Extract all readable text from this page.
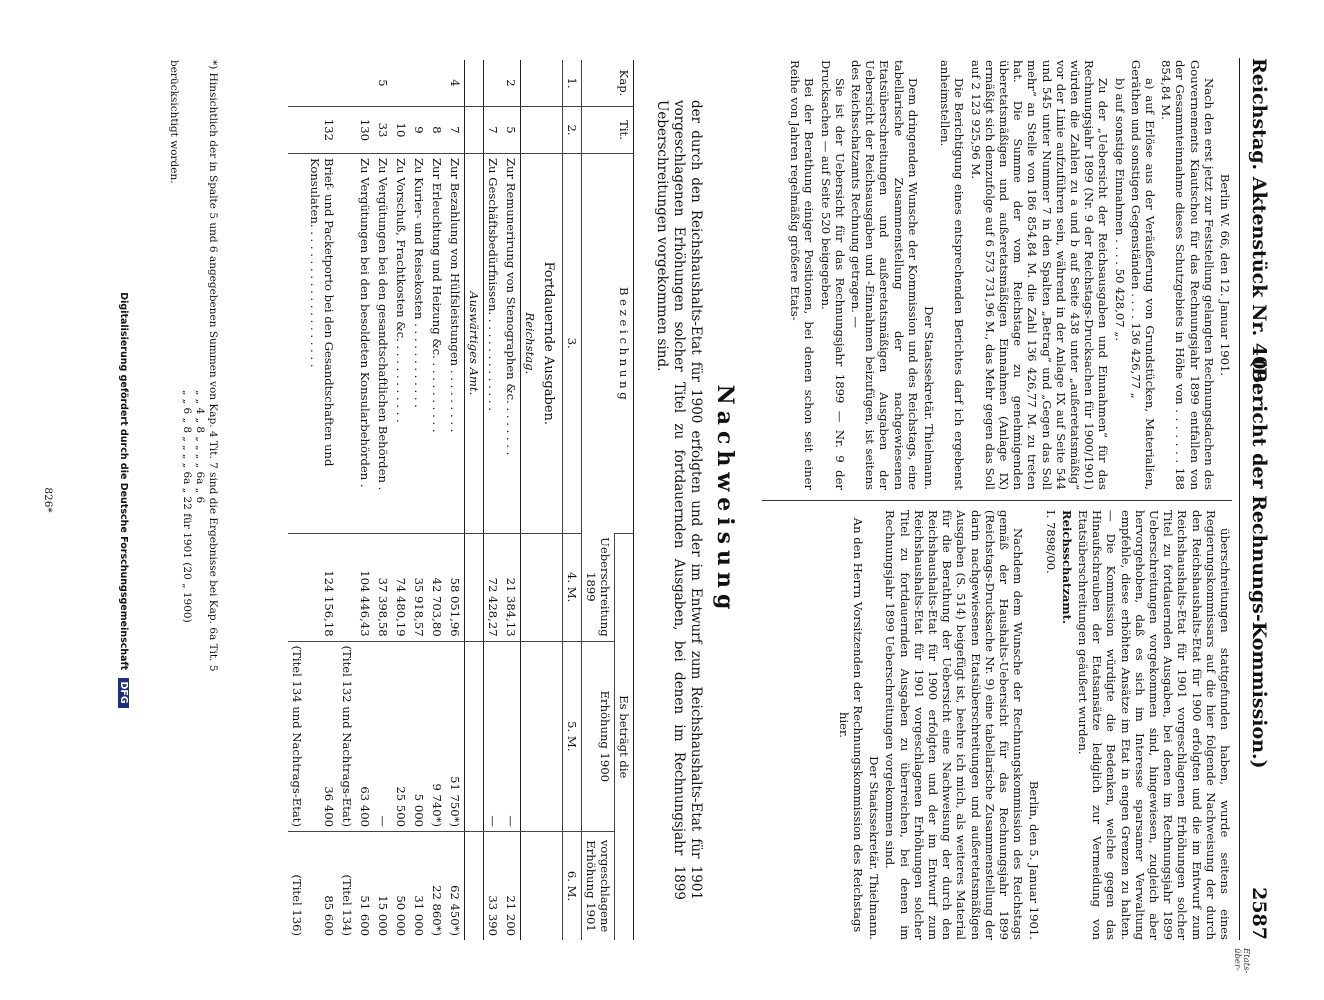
Reichstag. Aktenstück Nr. 409.
(Bericht der Rechnungs-Kommission.)
2587

Berlin W. 66, den 12. Januar 1901.

Nach den erst jetzt zur Feststellung gelangten Rechnungsdachen des Gouvernements Kiautschou für das Rechnungsjahr 1899 entfallen von der Gesammteinnahme dieses Schutzgebiets in Höhe von . . . . . . . 188 854,84 M.

a) auf Erlöse aus der Veräußerung von Grundstücken, Materialien, Geräthen und sonstigen Gegenständen . . . . 136 426,77 „

b) auf sonstige Einnahmen . . . . 50 428,07 „.

Zu der „Uebersicht der Reichsausgaben und Einnahmen“ für das Rechnungsjahr 1899 (Nr. 9 der Reichstags-Drucksachen für 1900/1901) würden die Zahlen zu a und b auf Seite 438 unter „außeretatsmäßig“ vor der Linie aufzuführen sein, während in der Anlage IX auf Seite 544 und 545 unter Nummer 7 in den Spalten „Betrag“ und „Gegen das Soll mehr“ an Stelle von 186 854,84 M. die Zahl 136 426,77 M. zu treten hat. Die Summe der vom Reichstage zu genehmigenden überetatsmäßigen und außeretatsmäßigen Einnahmen (Anlage IX) ermäßigt sich demzufolge auf 6 573 731,96 M., das Mehr gegen das Soll auf 2 123 925,96 M.

Die Berichtigung eines entsprechenden Berichtes darf ich ergebenst anheimstellen.

Der Staatssekretär. Thielmann.

Dem dringenden Wunsche der Kommission und des Reichstags, eine tabellarische Zusammenstellung der nachgewiesenen Etatsüberschreitungen und außeretatsmäßigen Ausgaben der Uebersicht der Reichsausgaben und -Einnahmen beizufügen, ist seitens des Reichsschatzamts Rechnung getragen. —

Sie ist der Uebersicht für das Rechnungsjahr 1899 — Nr. 9 der Drucksachen — auf Seite 520 beigegeben.

Bei der Berathung einiger Positionen, bei denen schon seit einer Reihe von Jahren regelmäßig größere Etats-

überschreitungen stattgefunden haben, wurde seitens eines Regierungskommissars auf die hier folgende Nachweisung der durch den Reichshaushalts-Etat für 1900 erfolgten und die im Entwurf zum Reichshaushalts-Etat für 1901 vorgeschlagenen Erhöhungen solcher Titel zu fortdauernden Ausgaben, bei denen im Rechnungsjahr 1899 Ueberschreitungen vorgekommen sind, hingewiesen, zugleich aber hervorgehoben, daß es sich im Interesse sparsamer Verwaltung empfehle, diese erhöhten Ansätze im Etat in engen Grenzen zu halten. — Die Kommission würdigte die Bedenken, welche gegen das Hinaufschrauben der Etatsansätze lediglich zur Vermeidung von Etatsüberschreitungen geäußert wurden.

Reichsschatzamt.

I. 7898/00.

Berlin, den 5. Januar 1901.

Nachdem dem Wunsche der Rechnungskommission des Reichstags gemäß der Haushalts-Uebersicht für das Rechnungsjahr 1899 (Reichstags-Drucksache Nr. 9) eine tabellarische Zusammenstellung der darin nachgewiesenen Etatsüberschreitungen und außeretatsmäßigen Ausgaben (S. 514) beigefügt ist, beehre ich mich, als weiteres Material für die Berathung der Uebersicht eine Nachweisung der durch den Reichshaushalts-Etat für 1900 erfolgten und der im Entwurf zum Reichshaushalts-Etat für 1901 vorgeschlagenen Erhöhungen solcher Titel zu fortdauernden Ausgaben zu überreichen, bei denen im Rechnungsjahr 1899 Ueberschreitungen vorgekommen sind.

Der Staatssekretär. Thielmann.

An den Herrn Vorsitzenden der Rechnungskommission des Reichstags hier.

Etats-über-
Nachweisung
der durch den Reichshaushalts-Etat für 1900 erfolgten und der im Entwurf zum Reichshaushalts-Etat für 1901 vorgeschlagenen Erhöhungen solcher Titel zu fortdauernden Ausgaben, bei denen im Rechnungsjahr 1899 Ueberschreitungen vorgekommen sind.
Kap.	Tit.	B e z e i c h n u n g	Es beträgt die		
			Ueberschreitung 1899	Erhöhung 1900	vorgeschlagene Erhöhung 1901
1.	2.	3.	4. M.	5. M.	6. M.
		Fortdauernde Ausgaben.			
		Reichstag.			
2	5	Zur Remunerirung von Stenographen &c. . . . . . . .	21 384,13	—	21 200
	7	Zu Geschäftsbedürfnissen. . . . . . . . . . . . . .	72 428,27	—	33 390
		Auswärtiges Amt.			
4	7	Zur Bezahlung von Hülfsleistungen . . . . . . . . .	58 051,96	51 750*)	62 450*)
	8	Zur Erleuchtung und Heizung &c. . . . . . . . . . .	42 703,80	9 740*)	22 860*)
	9	Zu Kurier- und Reisekosten . . . . . . . . . . . .	35 918,57	5 000	31 000
	10	Zu Vorschuß, Frachtkosten &c. . . . . . . . . . . .	74 480,19	25 500	50 000
5	33	Zu Vergütungen bei den gesandtschaftlichen Behörden .	37 398,58	—	15 000
	130	Zu Vergütungen bei den besoldeten Konsularbehörden .	104 446,43	63 400	51 600
				(Titel 132 und Nachtrags-Etat)	(Titel 134)
	132	Brief- und Packetporto bei den Gesandtschaften und Konsulaten. . . . . . . . . . . . . . . . . . . .	124 156,18	36 400	85 600
				(Titel 134 und Nachtrags-Etat)	(Titel 136)
*) Hinsichtlich der in Spalte 5 und 6 angegebenen Summen von Kap. 4 Tit. 7 sind die Ergebnisse bei Kap. 6a Tit. 5
„ „ 4 „ 8 „ „ „ „ 6a „ 6
„ „ 6 „ 8 „ „ „ „ 6a „ 22 für 1901 (20 „ 1900)
berücksichtigt worden.
826*	Digitalisierung gefördert durch die Deutsche Forschungsgemeinschaft DFG
